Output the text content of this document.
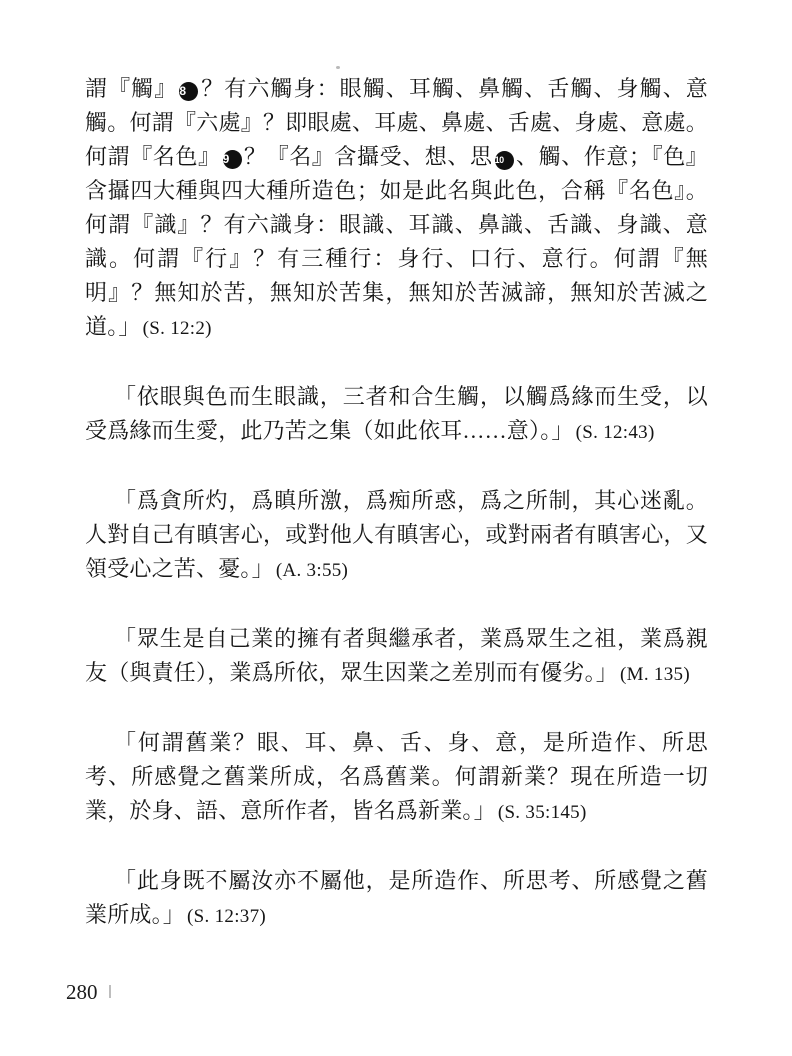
謂『觸』 8 ？有六觸身：眼觸、耳觸、鼻觸、舌觸、身觸、意
觸。何謂『六處』？即眼處、耳處、鼻處、舌處、身處、意處。
何謂『名色』 9 ？『名』含攝受、想、思 10 、觸、作意；『色』
含攝四大種與四大種所造色；如是此名與此色，合稱『名色』。
何謂『識』？有六識身：眼識、耳識、鼻識、舌識、身識、意
識。何謂『行』？有三種行：身行、口行、意行。何謂『無
明』？無知於苦，無知於苦集，無知於苦滅諦，無知於苦滅之
道。」 (S. 12:2)
「依眼與色而生眼識，三者和合生觸，以觸爲緣而生受，以
受爲緣而生愛，此乃苦之集（如此依耳……意）。」 (S. 12:43)
「爲貪所灼，爲瞋所激，爲痴所惑，爲之所制，其心迷亂。
人對自己有瞋害心，或對他人有瞋害心，或對兩者有瞋害心，又
領受心之苦、憂。」 (A. 3:55)
「眾生是自己業的擁有者與繼承者，業爲眾生之祖，業爲親
友（與責任），業爲所依，眾生因業之差別而有優劣。」 (M. 135)
「何謂舊業？眼、耳、鼻、舌、身、意，是所造作、所思
考、所感覺之舊業所成，名爲舊業。何謂新業？現在所造一切
業，於身、語、意所作者，皆名爲新業。」 (S. 35:145)
「此身既不屬汝亦不屬他，是所造作、所思考、所感覺之舊
業所成。」 (S. 12:37)
280 |
